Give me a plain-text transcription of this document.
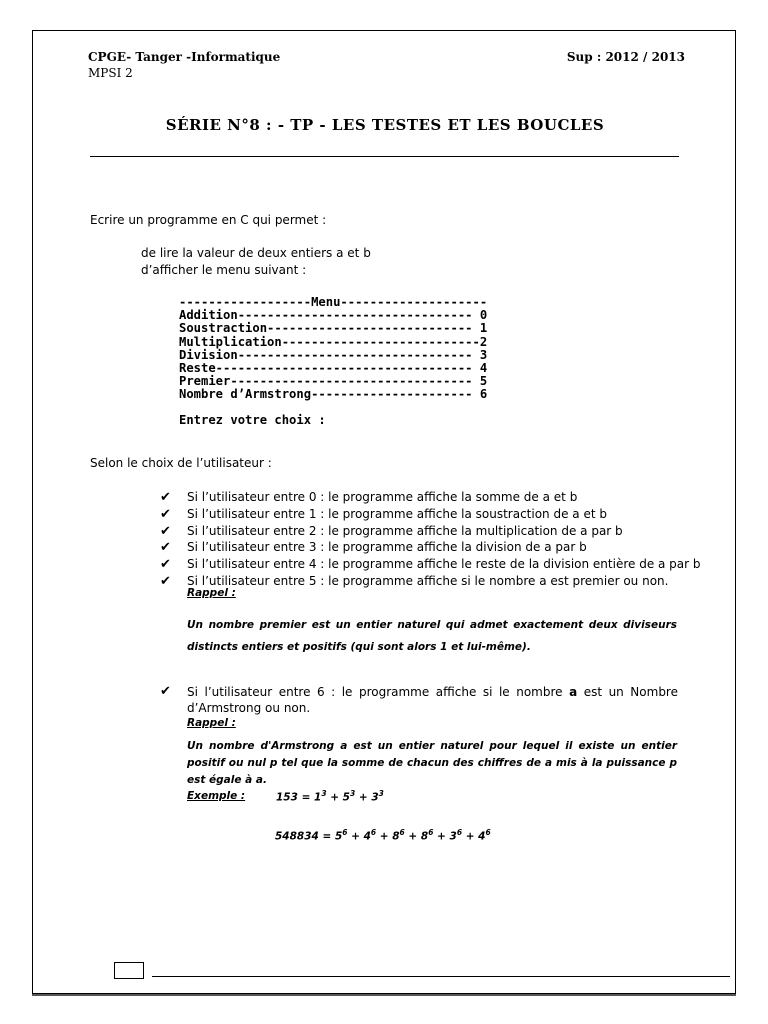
CPGE- Tanger -Informatique
MPSI 2
Sup : 2012 / 2013
SÉRIE N°8 : - TP - LES TESTES ET LES BOUCLES
Ecrire un programme en C qui permet :
de lire la valeur de deux entiers a et b
d’afficher le menu suivant :
------------------Menu--------------------
Addition-------------------------------- 0
Soustraction---------------------------- 1
Multiplication---------------------------2
Division-------------------------------- 3
Reste----------------------------------- 4
Premier--------------------------------- 5
Nombre d’Armstrong---------------------- 6
Entrez votre choix :
Selon le choix de l’utilisateur :
✔ Si l’utilisateur entre 0 : le programme affiche la somme de a et b
✔ Si l’utilisateur entre 1 : le programme affiche la soustraction de a et b
✔ Si l’utilisateur entre 2 : le programme affiche la multiplication de a par b
✔ Si l’utilisateur entre 3 : le programme affiche la division de a par b
✔ Si l’utilisateur entre 4 : le programme affiche le reste de la division entière de a par b
✔ Si l’utilisateur entre 5 : le programme affiche si le nombre a est premier ou non.
Rappel :
Un nombre premier est un entier naturel qui admet exactement deux diviseurs distincts entiers et positifs (qui sont alors 1 et lui-même).
✔	Si l’utilisateur entre 6 : le programme affiche si le nombre a est un Nombre d’Armstrong ou non.
Rappel :
Un nombre d'Armstrong a est un entier naturel pour lequel il existe un entier positif ou nul p tel que la somme de chacun des chiffres de a mis à la puissance p est égale à a.
Exemple :	$153 = 1^3 + 5^3 + 3^3$
$548834 = 5^6 + 4^6 + 8^6 + 8^6 + 3^6 + 4^6$
